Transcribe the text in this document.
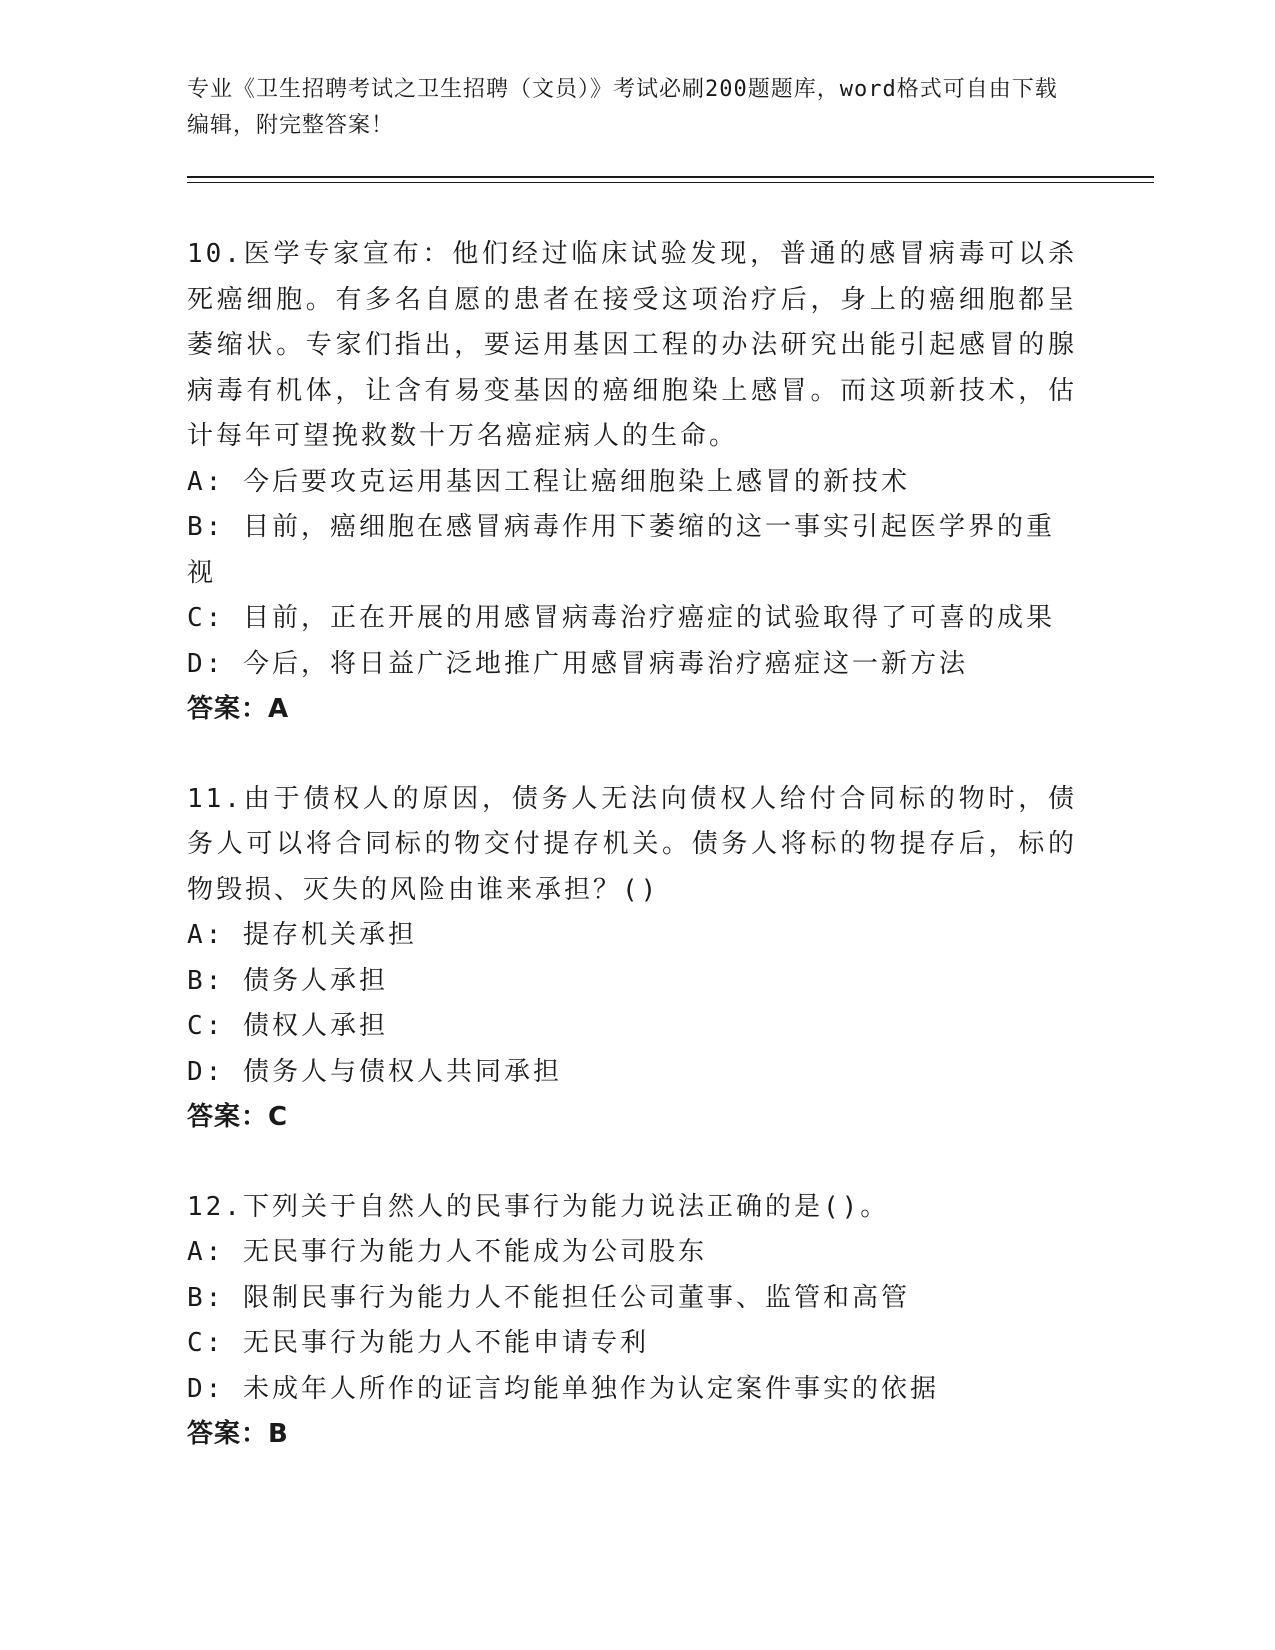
专业《卫生招聘考试之卫生招聘（文员）》考试必刷200题题库，word格式可自由下载编辑，附完整答案！
10.医学专家宣布：他们经过临床试验发现，普通的感冒病毒可以杀死癌细胞。有多名自愿的患者在接受这项治疗后，身上的癌细胞都呈萎缩状。专家们指出，要运用基因工程的办法研究出能引起感冒的腺病毒有机体，让含有易变基因的癌细胞染上感冒。而这项新技术，估计每年可望挽救数十万名癌症病人的生命。
A: 今后要攻克运用基因工程让癌细胞染上感冒的新技术
B: 目前，癌细胞在感冒病毒作用下萎缩的这一事实引起医学界的重视
C: 目前，正在开展的用感冒病毒治疗癌症的试验取得了可喜的成果
D: 今后，将日益广泛地推广用感冒病毒治疗癌症这一新方法
答案：A
11.由于债权人的原因，债务人无法向债权人给付合同标的物时，债务人可以将合同标的物交付提存机关。债务人将标的物提存后，标的物毁损、灭失的风险由谁来承担？()
A: 提存机关承担
B: 债务人承担
C: 债权人承担
D: 债务人与债权人共同承担
答案：C
12.下列关于自然人的民事行为能力说法正确的是()。
A: 无民事行为能力人不能成为公司股东
B: 限制民事行为能力人不能担任公司董事、监管和高管
C: 无民事行为能力人不能申请专利
D: 未成年人所作的证言均能单独作为认定案件事实的依据
答案：B
